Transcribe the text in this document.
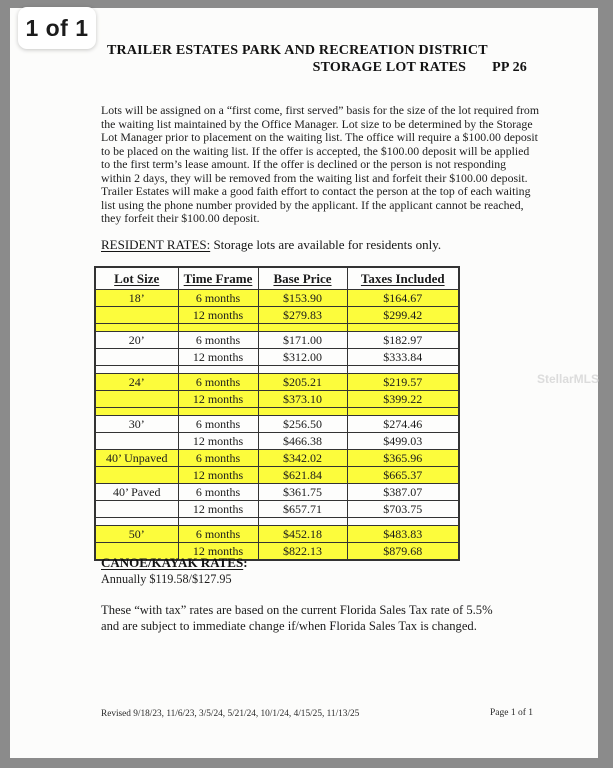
TRAILER ESTATES PARK AND RECREATION DISTRICT
STORAGE LOT RATES PP 26
Lots will be assigned on a “first come, first served” basis for the size of the lot required from the waiting list maintained by the Office Manager. Lot size to be determined by the Storage Lot Manager prior to placement on the waiting list. The office will require a $100.00 deposit to be placed on the waiting list. If the offer is accepted, the $100.00 deposit will be applied to the first term’s lease amount. If the offer is declined or the person is not responding within 2 days, they will be removed from the waiting list and forfeit their $100.00 deposit. Trailer Estates will make a good faith effort to contact the person at the top of each waiting list using the phone number provided by the applicant. If the applicant cannot be reached, they forfeit their $100.00 deposit.
RESIDENT RATES: Storage lots are available for residents only.
Lot Size	Time Frame	Base Price	Taxes Included
18’	6 months	$153.90	$164.67
	12 months	$279.83	$299.42

20’	6 months	$171.00	$182.97
	12 months	$312.00	$333.84

24’	6 months	$205.21	$219.57
	12 months	$373.10	$399.22

30’	6 months	$256.50	$274.46
	12 months	$466.38	$499.03
40’ Unpaved	6 months	$342.02	$365.96
	12 months	$621.84	$665.37
40’ Paved	6 months	$361.75	$387.07
	12 months	$657.71	$703.75

50’	6 months	$452.18	$483.83
	12 months	$822.13	$879.68
CANOE/KAYAK RATES:
Annually $119.58/$127.95
These “with tax” rates are based on the current Florida Sales Tax rate of 5.5% and are subject to immediate change if/when Florida Sales Tax is changed.
Revised 9/18/23, 11/6/23, 3/5/24, 5/21/24, 10/1/24, 4/15/25, 11/13/25	Page 1 of 1
1 of 1
StellarMLS
